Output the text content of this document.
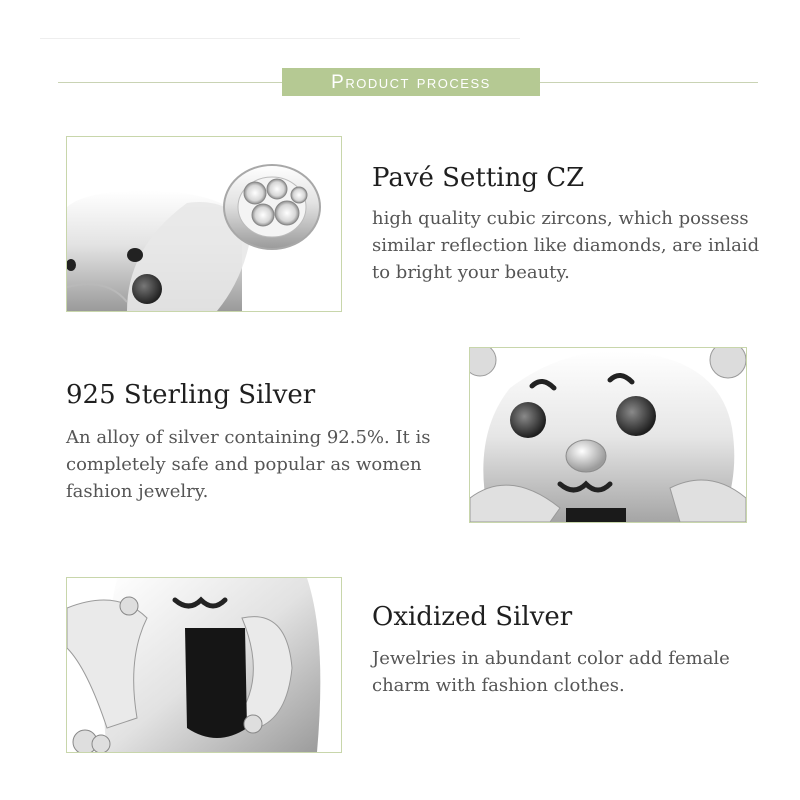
Product process
Pavé Setting CZ
high quality cubic zircons, which possess similar reflection like diamonds, are inlaid to bright your beauty.
925 Sterling Silver
An alloy of silver containing 92.5%. It is completely safe and popular as women fashion jewelry.
Oxidized Silver
Jewelries in abundant color add female charm with fashion clothes.
